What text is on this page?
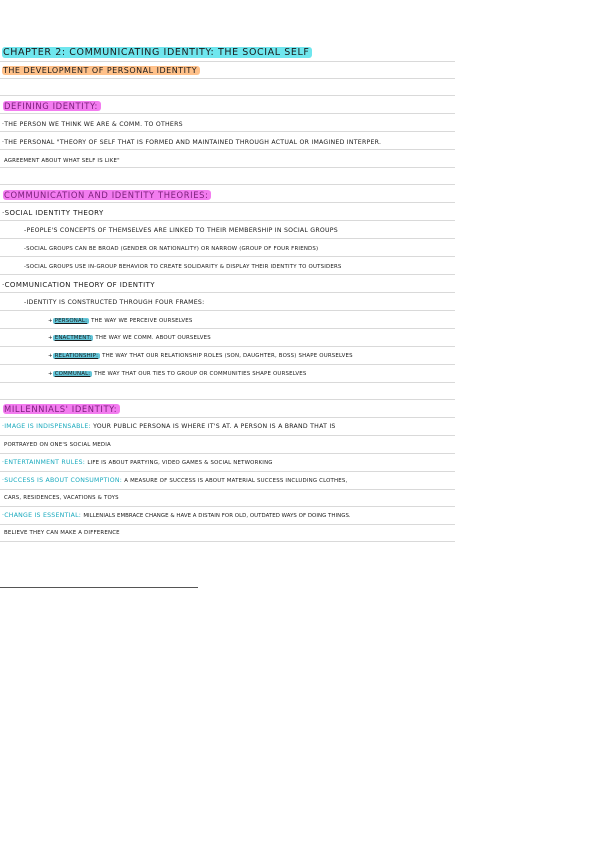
CHAPTER 2: COMMUNICATING IDENTITY: THE SOCIAL SELF
THE DEVELOPMENT OF PERSONAL IDENTITY
DEFINING IDENTITY:
·THE PERSON WE THINK WE ARE & COMM. TO OTHERS
·THE PERSONAL "THEORY OF SELF THAT IS FORMED AND MAINTAINED THROUGH ACTUAL OR IMAGINED INTERPER.
AGREEMENT ABOUT WHAT SELF IS LIKE"
COMMUNICATION AND IDENTITY THEORIES:
·SOCIAL IDENTITY THEORY
-PEOPLE'S CONCEPTS OF THEMSELVES ARE LINKED TO THEIR MEMBERSHIP IN SOCIAL GROUPS
-SOCIAL GROUPS CAN BE BROAD (GENDER OR NATIONALITY) OR NARROW (GROUP OF FOUR FRIENDS)
-SOCIAL GROUPS USE IN-GROUP BEHAVIOR TO CREATE SOLIDARITY & DISPLAY THEIR IDENTITY TO OUTSIDERS
·COMMUNICATION THEORY OF IDENTITY
-IDENTITY IS CONSTRUCTED THROUGH FOUR FRAMES:
+ PERSONAL: THE WAY WE PERCEIVE OURSELVES
+ ENACTMENT: THE WAY WE COMM. ABOUT OURSELVES
+ RELATIONSHIP: THE WAY THAT OUR RELATIONSHIP ROLES (SON, DAUGHTER, BOSS) SHAPE OURSELVES
+ COMMUNAL: THE WAY THAT OUR TIES TO GROUP OR COMMUNITIES SHAPE OURSELVES
MILLENNIALS' IDENTITY:
·IMAGE IS INDISPENSABLE: YOUR PUBLIC PERSONA IS WHERE IT'S AT. A PERSON IS A BRAND THAT IS
PORTRAYED ON ONE'S SOCIAL MEDIA
·ENTERTAINMENT RULES: LIFE IS ABOUT PARTYING, VIDEO GAMES & SOCIAL NETWORKING
·SUCCESS IS ABOUT CONSUMPTION: A MEASURE OF SUCCESS IS ABOUT MATERIAL SUCCESS INCLUDING CLOTHES,
CARS, RESIDENCES, VACATIONS & TOYS
·CHANGE IS ESSENTIAL: MILLENIALS EMBRACE CHANGE & HAVE A DISTAIN FOR OLD, OUTDATED WAYS OF DOING THINGS.
BELIEVE THEY CAN MAKE A DIFFERENCE
